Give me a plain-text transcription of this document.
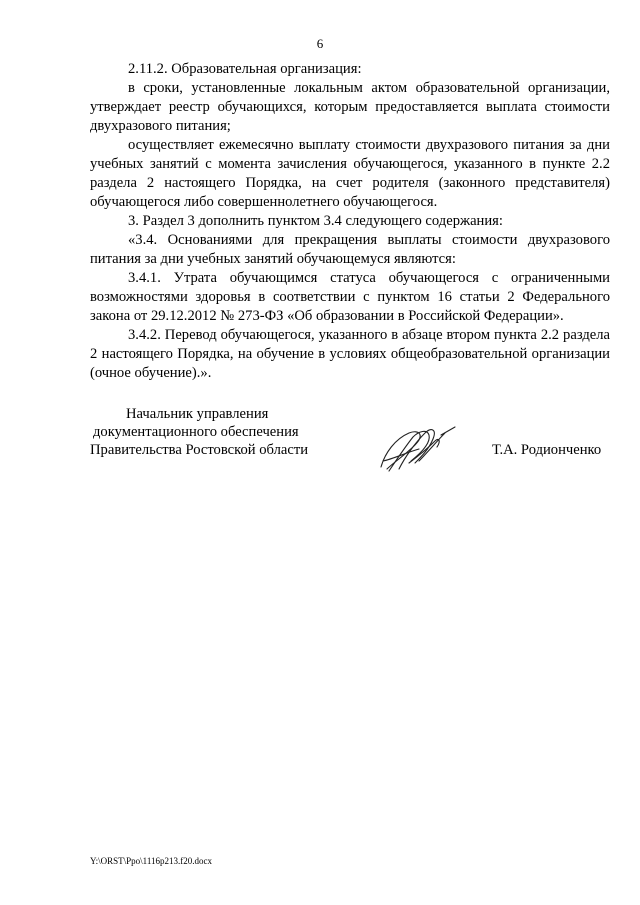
6

2.11.2. Образовательная организация:

в сроки, установленные локальным актом образовательной организации, утверждает реестр обучающихся, которым предоставляется выплата стоимости двухразового питания;

осуществляет ежемесячно выплату стоимости двухразового питания за дни учебных занятий с момента зачисления обучающегося, указанного в пункте 2.2 раздела 2 настоящего Порядка, на счет родителя (законного представителя) обучающегося либо совершеннолетнего обучающегося.

3. Раздел 3 дополнить пунктом 3.4 следующего содержания:

«3.4. Основаниями для прекращения выплаты стоимости двухразового питания за дни учебных занятий обучающемуся являются:

3.4.1. Утрата обучающимся статуса обучающегося с ограниченными возможностями здоровья в соответствии с пунктом 16 статьи 2 Федерального закона от 29.12.2012 № 273-ФЗ «Об образовании в Российской Федерации».

3.4.2. Перевод обучающегося, указанного в абзаце втором пункта 2.2 раздела 2 настоящего Порядка, на обучение в условиях общеобразовательной организации (очное обучение).».

Начальник управления
документационного обеспечения
Правительства Ростовской области	Т.А. Родионченко
Y:\ORST\Ppo\1116p213.f20.docx
